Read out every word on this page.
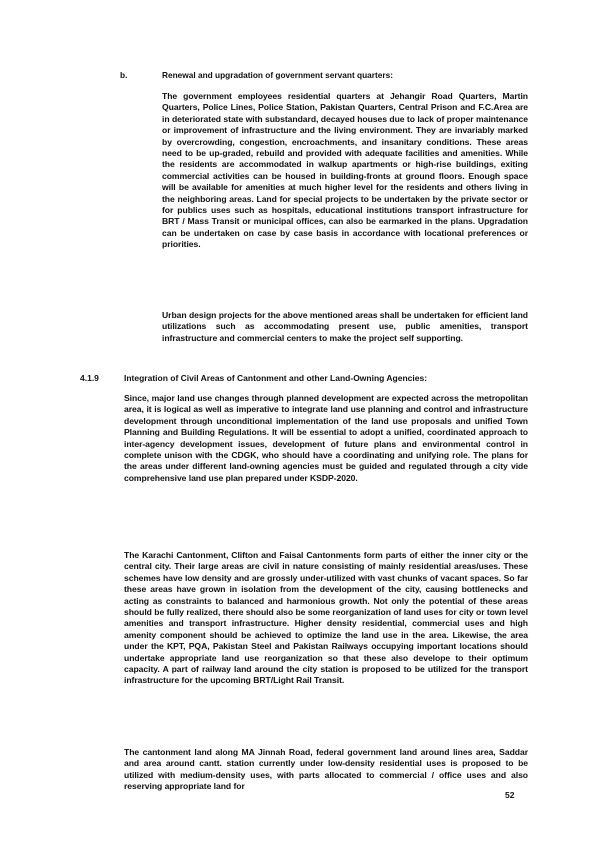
b.	Renewal and upgradation of government servant quarters:

The government employees residential quarters at Jehangir Road Quarters, Martin Quarters, Police Lines, Police Station, Pakistan Quarters, Central Prison and F.C.Area are in deteriorated state with substandard, decayed houses due to lack of proper maintenance or improvement of infrastructure and the living environment. They are invariably marked by overcrowding, congestion, encroachments, and insanitary conditions. These areas need to be up-graded, rebuild and provided with adequate facilities and amenities. While the residents are accommodated in walkup apartments or high-rise buildings, exiting commercial activities can be housed in building-fronts at ground floors. Enough space will be available for amenities at much higher level for the residents and others living in the neighboring areas. Land for special projects to be undertaken by the private sector or for publics uses such as hospitals, educational institutions transport infrastructure for BRT / Mass Transit or municipal offices, can also be earmarked in the plans. Upgradation can be undertaken on case by case basis in accordance with locational preferences or priorities.

Urban design projects for the above mentioned areas shall be undertaken for efficient land utilizations such as accommodating present use, public amenities, transport infrastructure and commercial centers to make the project self supporting.

4.1.9	Integration of Civil Areas of Cantonment and other Land-Owning Agencies:

Since, major land use changes through planned development are expected across the metropolitan area, it is logical as well as imperative to integrate land use planning and control and infrastructure development through unconditional implementation of the land use proposals and unified Town Planning and Building Regulations. It will be essential to adopt a unified, coordinated approach to inter-agency development issues, development of future plans and environmental control in complete unison with the CDGK, who should have a coordinating and unifying role. The plans for the areas under different land-owning agencies must be guided and regulated through a city vide comprehensive land use plan prepared under KSDP-2020.

The Karachi Cantonment, Clifton and Faisal Cantonments form parts of either the inner city or the central city. Their large areas are civil in nature consisting of mainly residential areas/uses. These schemes have low density and are grossly under-utilized with vast chunks of vacant spaces. So far these areas have grown in isolation from the development of the city, causing bottlenecks and acting as constraints to balanced and harmonious growth. Not only the potential of these areas should be fully realized, there should also be some reorganization of land uses for city or town level amenities and transport infrastructure. Higher density residential, commercial uses and high amenity component should be achieved to optimize the land use in the area. Likewise, the area under the KPT, PQA, Pakistan Steel and Pakistan Railways occupying important locations should undertake appropriate land use reorganization so that these also develope to their optimum capacity. A part of railway land around the city station is proposed to be utilized for the transport infrastructure for the upcoming BRT/Light Rail Transit.

The cantonment land along MA Jinnah Road, federal government land around lines area, Saddar and area around cantt. station currently under low-density residential uses is proposed to be utilized with medium-density uses, with parts allocated to commercial / office uses and also reserving appropriate land for

52
